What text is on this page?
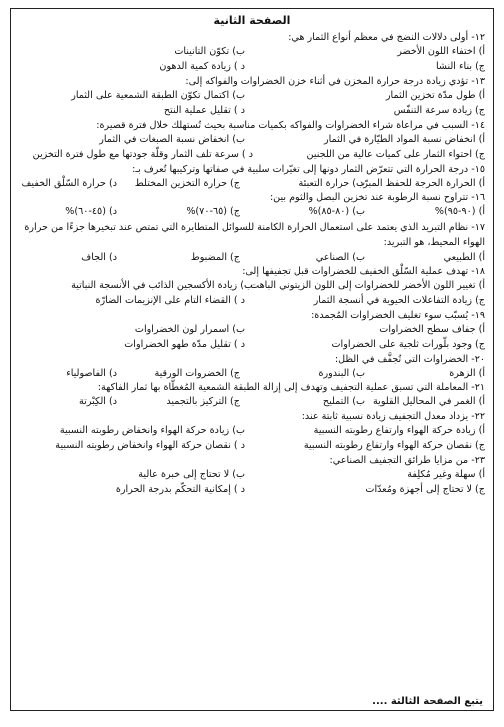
الصفحة الثانية
١٢- أولى دلالات النضج في معظم أنواع الثمار هي:
أ) اختفاء اللون الأخضر
ب) تكوّن التانينات
ج) بناء النشا
د ) زيادة كمية الدهون
١٣- تؤدي زيادة درجة حرارة المخزن في أثناء خزن الخضراوات والفواكه إلى:
أ) طول مدّة تخزين الثمار
ب) اكتمال تكوّن الطبقة الشمعية على الثمار
ج) زيادة سرعة التنفّس
د ) تقليل عملية النتح
١٤- السبب في مراعاة شراء الخضراوات والفواكه بكميات مناسبة بحيث تُستهلك خلال فترة قصيرة:
أ) انخفاض نسبة المواد الطيّارة في الثمار
ب) انخفاض نسبة الصبغات في الثمار
ج) احتواء الثمار على كميات عالية من اللجنين
د ) سرعة تلف الثمار وقلّة جودتها مع طول فترة التخزين
١٥- درجة الحرارة التي تتعرّض الثمار دونها إلى تغيّرات سلبية في صفاتها وتركيبها تُعرف بـ:
أ) الحرارة الحرجة للحفظ المبرّد
ب) حرارة التعبئة
ج) حرارة التخزين المختلط
د) حرارة السّلْق الخفيف
١٦- تتراوح نسبة الرطوبة عند تخزين البصل والثوم بين:
أ) (٩٠-٩٥)%
ب) (٨٠-٨٥)%
ج) (٦٥-٧٠)%
د) (٤٥-٦٠)%
١٧- نظام التبريد الذي يعتمد على استعمال الحرارة الكامنة للسوائل المتطايرة التي تمتص عند تبخيرها جزءًا من حرارة الهواء المحيط، هو التبريد:
أ) الطبيعي
ب) الصناعي
ج) المضبوط
د) الجاف
١٨- تهدف عملية السّلْق الخفيف للخضراوات قبل تجفيفها إلى:
أ) تغيير اللون الأخضر للخضراوات إلى اللون الزيتوني الباهت
ب) زيادة الأكسجين الذائب في الأنسجة النباتية
ج) زيادة التفاعلات الحيوية في أنسجة الثمار
د ) القضاء التام على الإنزيمات الضارّة
١٩- يُسبّب سوء تغليف الخضراوات المُجمدة:
أ) جفاف سطح الخضراوات
ب) اسمرار لون الخضراوات
ج) وجود بلّورات ثلجية على الخضراوات
د ) تقليل مدّة طهو الخضراوات
٢٠- الخضراوات التي تُجفَّف في الظل:
أ) الزهرة
ب) البندورة
ج) الخضروات الورقية
د) الفاصولياء
٢١- المعاملة التي تسبق عملية التجفيف وتهدف إلى إزالة الطبقة الشمعية المُغطّاة بها ثمار الفاكهة:
أ) الغمر في المحاليل القلوية
ب) التمليح
ج) التركيز بالتجميد
د) الكِبْرتة
٢٢- يزداد معدل التجفيف زيادة نسبية ثابتة عند:
أ) زيادة حركة الهواء وارتفاع رطوبته النسبية
ب) زيادة حركة الهواء وانخفاض رطوبته النسبية
ج) نقصان حركة الهواء وارتفاع رطوبته النسبية
د ) نقصان حركة الهواء وانخفاض رطوبته النسبية
٢٣- من مزايا طرائق التجفيف الصناعي:
أ) سهلة وغير مُكلِفة
ب) لا تحتاج إلى خبرة عالية
ج) لا تحتاج إلى أجهزة ومُعدّات
د ) إمكانية التحكّم بدرجة الحرارة
يتبع الصفحة الثالثة ....
